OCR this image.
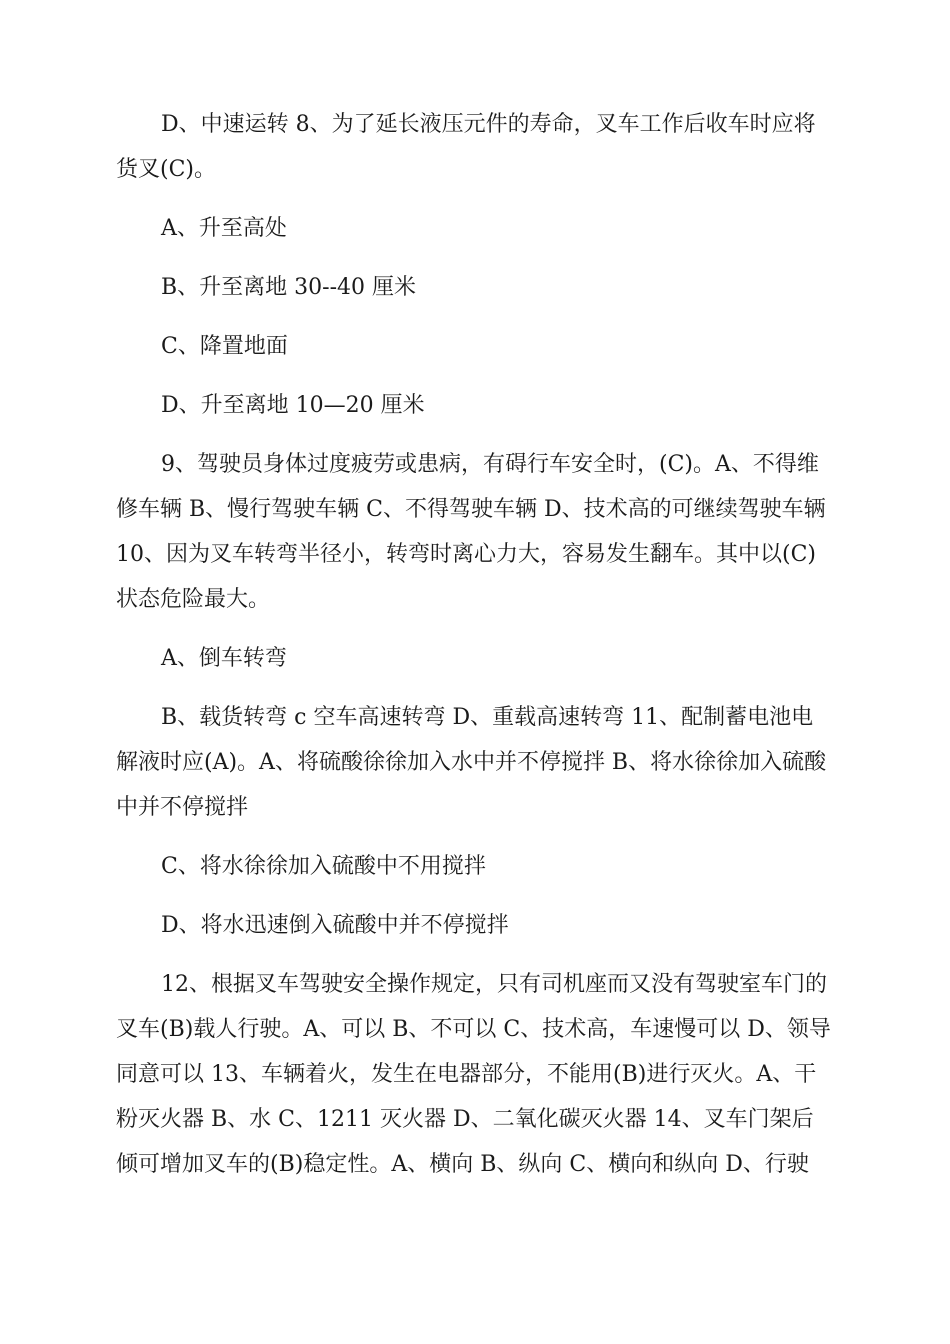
D、中速运转 8、为了延长液压元件的寿命，叉车工作后收车时应将货叉(C)。

A、升至高处

B、升至离地 30--40 厘米

C、降置地面

D、升至离地 10—20 厘米

9、驾驶员身体过度疲劳或患病，有碍行车安全时，(C)。A、不得维修车辆 B、慢行驾驶车辆 C、不得驾驶车辆 D、技术高的可继续驾驶车辆 10、因为叉车转弯半径小，转弯时离心力大，容易发生翻车。其中以(C)状态危险最大。

A、倒车转弯

B、载货转弯 c 空车高速转弯 D、重载高速转弯 11、配制蓄电池电解液时应(A)。A、将硫酸徐徐加入水中并不停搅拌 B、将水徐徐加入硫酸中并不停搅拌

C、将水徐徐加入硫酸中不用搅拌

D、将水迅速倒入硫酸中并不停搅拌

12、根据叉车驾驶安全操作规定，只有司机座而又没有驾驶室车门的叉车(B)载人行驶。A、可以 B、不可以 C、技术高，车速慢可以 D、领导同意可以 13、车辆着火，发生在电器部分，不能用(B)进行灭火。A、干粉灭火器 B、水 C、1211 灭火器 D、二氧化碳灭火器 14、叉车门架后倾可增加叉车的(B)稳定性。A、横向 B、纵向 C、横向和纵向 D、行驶
